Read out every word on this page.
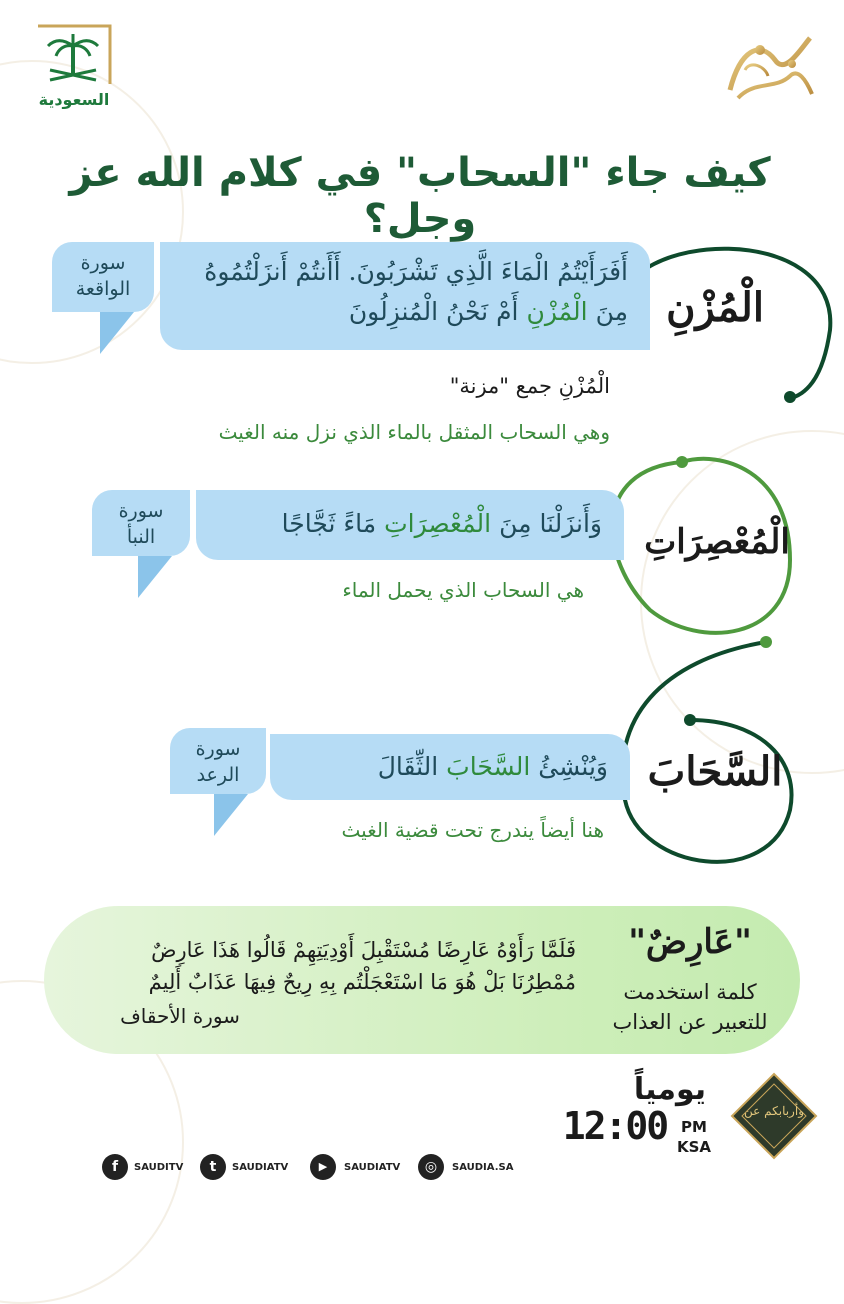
السعودية
كيف جاء "السحاب" في كلام الله عز وجل؟
الْمُزْنِ
أَفَرَأَيْتُمُ الْمَاءَ الَّذِي تَشْرَبُونَ. أَأَنتُمْ أَنزَلْتُمُوهُ
مِنَ الْمُزْنِ أَمْ نَحْنُ الْمُنزِلُونَ
سورة
الواقعة
الْمُزْنِ جمع "مزنة"
وهي السحاب المثقل بالماء الذي نزل منه الغيث
الْمُعْصِرَاتِ
وَأَنزَلْنَا مِنَ الْمُعْصِرَاتِ مَاءً ثَجَّاجًا
سورة
النبأ
هي السحاب الذي يحمل الماء
السَّحَابَ
وَيُنْشِئُ السَّحَابَ الثِّقَالَ
سورة
الرعد
هنا أيضاً يندرج تحت قضية الغيث
"عَارِضٌ"
كلمة استخدمت
للتعبير عن العذاب
فَلَمَّا رَأَوْهُ عَارِضًا مُسْتَقْبِلَ أَوْدِيَتِهِمْ قَالُوا هَذَا عَارِضٌ
مُمْطِرُنَا بَلْ هُوَ مَا اسْتَعْجَلْتُم بِهِ رِيحٌ فِيهَا عَذَابٌ أَلِيمٌ
سورة الأحقاف
يومياً
12:00 PM
KSA
وأربابكم عن
f	SAUDITV	t	SAUDIATV	▶	SAUDIATV	◎	SAUDIA.SA
